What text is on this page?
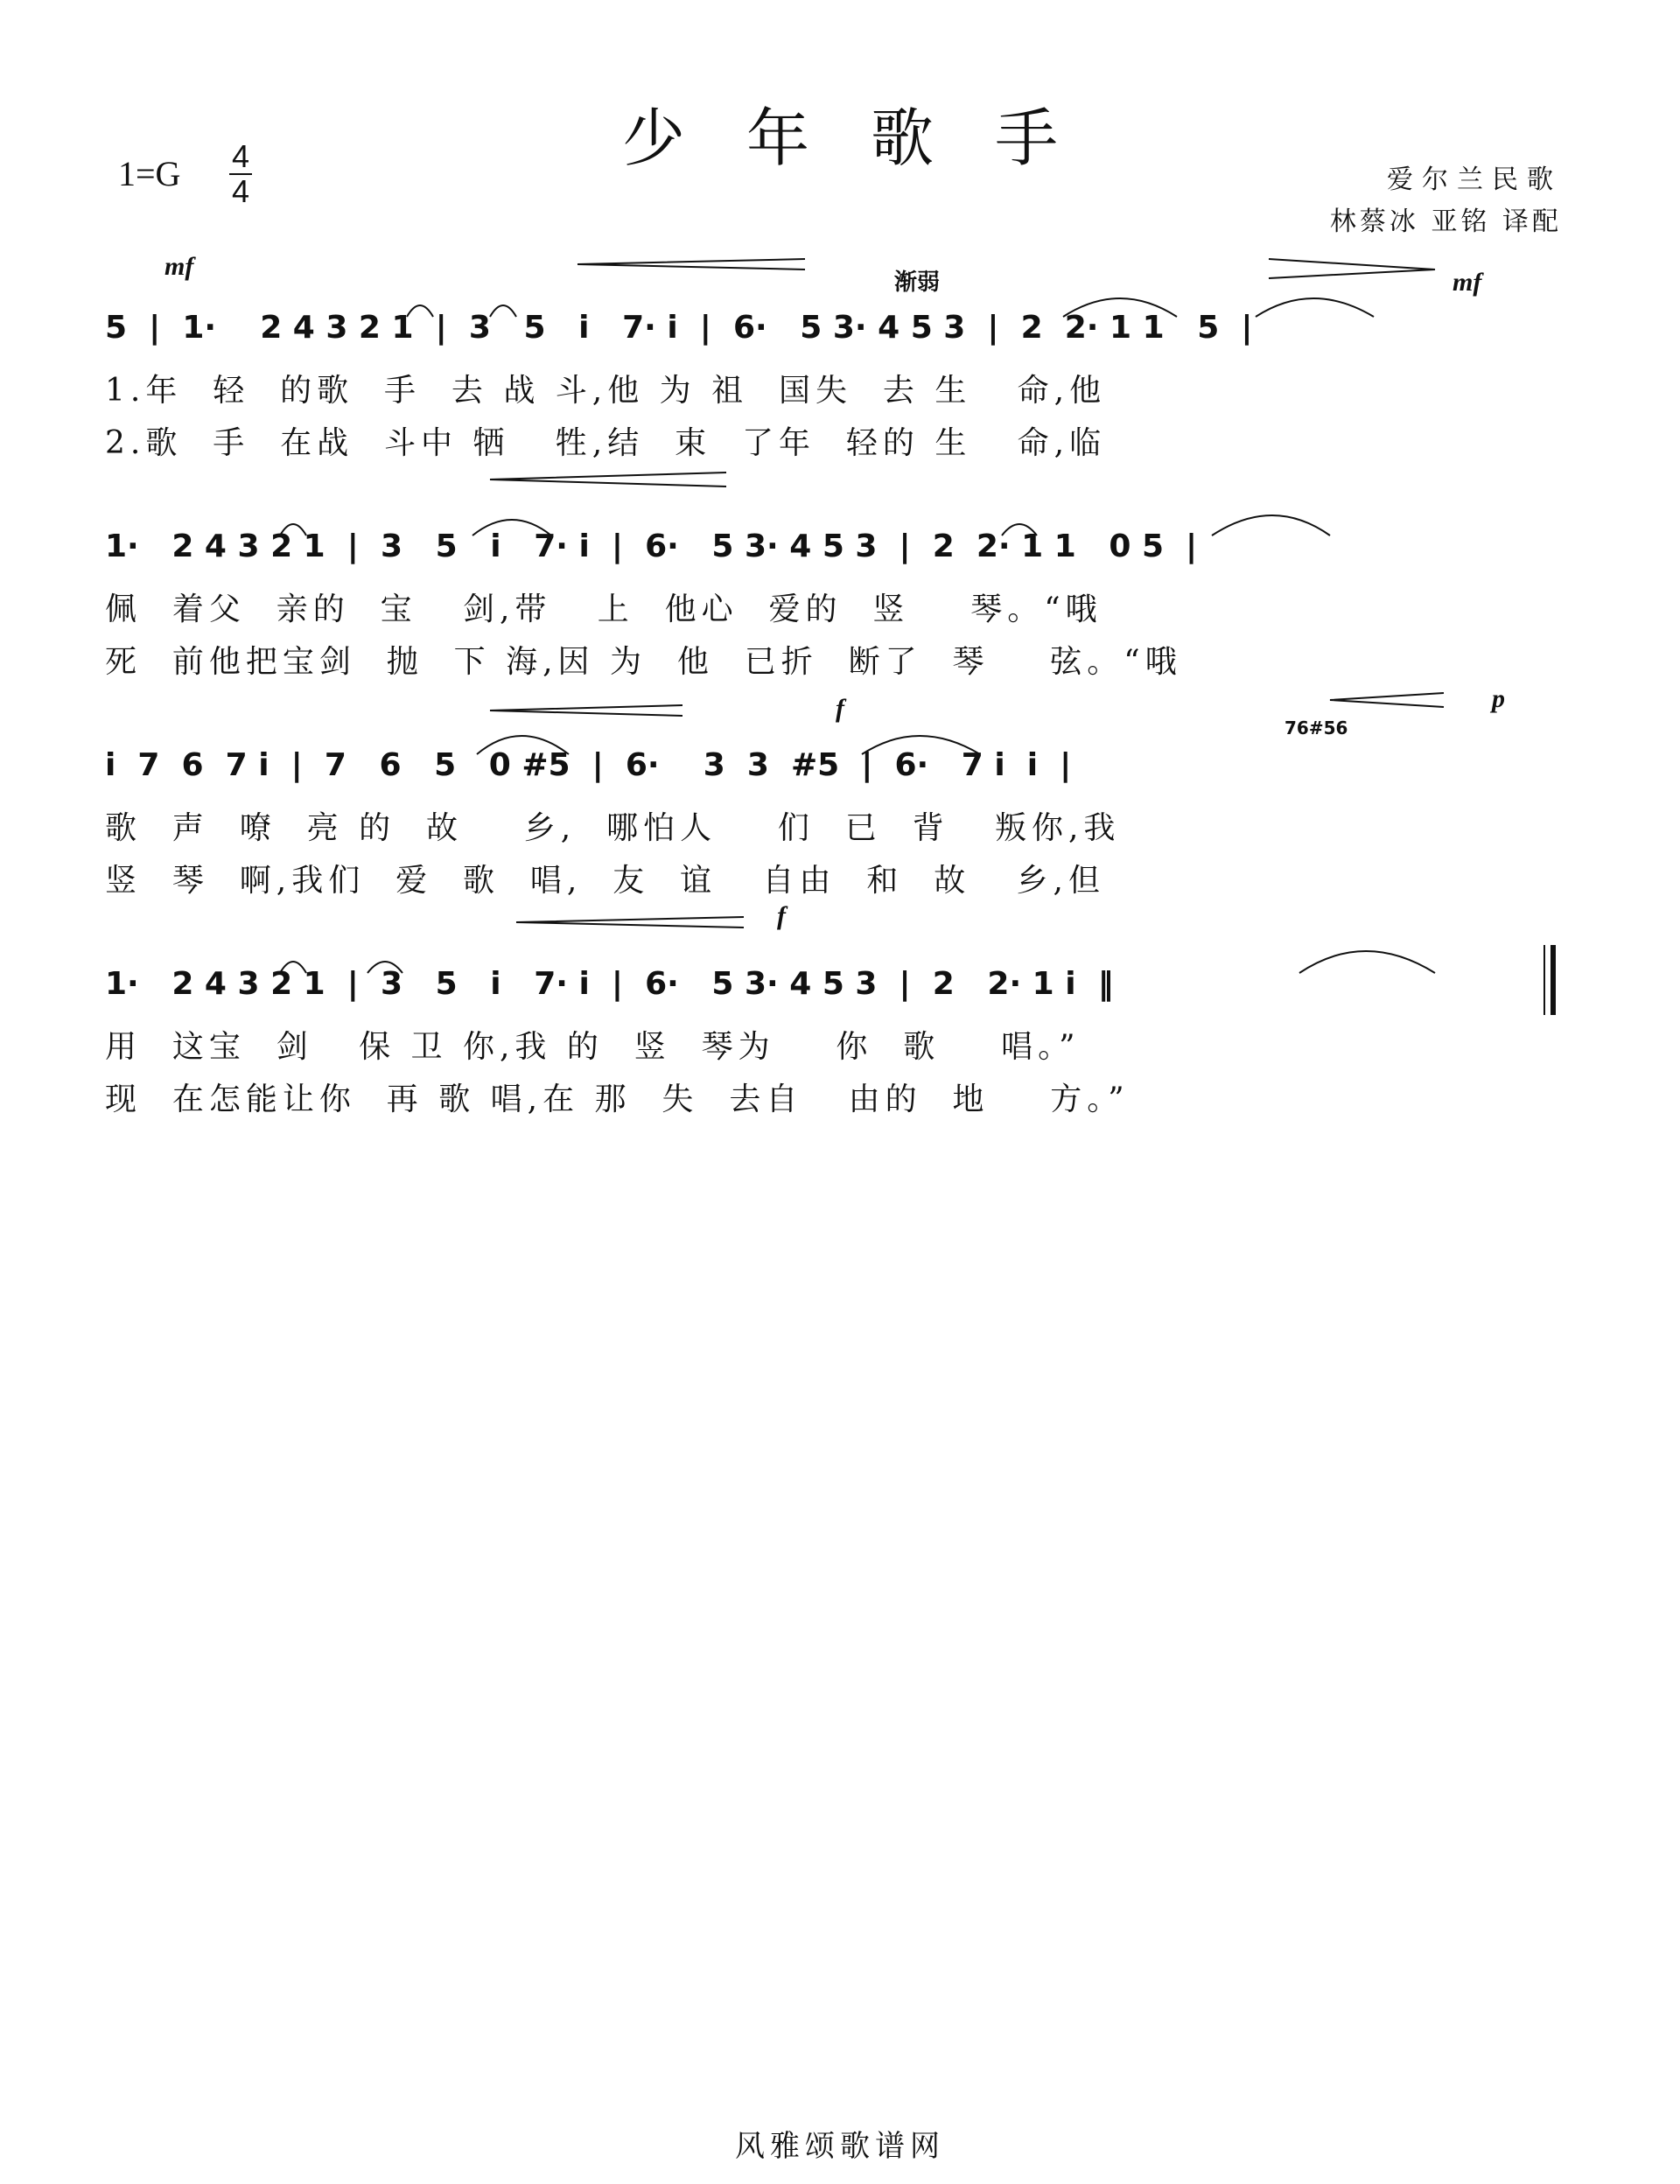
少年歌手
1=G 4
4	爱尔兰民歌
林蔡冰 亚铭 译配
mf
渐弱	mf
f	p
f
76#56
5  |  1·    2 4 3 2 1  |  3   5   i   7· i  |  6·   5 3· 4 5 3  |  2  2· 1 1   5  |
1.年  轻  的歌  手  去 战 斗,他 为 祖  国失  去 生   命,他
2.歌  手  在战  斗中 牺   牲,结  束  了年  轻的 生   命,临
1·   2 4 3 2 1  |  3   5   i   7· i  |  6·   5 3· 4 5 3  |  2  2· 1 1   0 5  |
佩  着父  亲的  宝   剑,带   上  他心  爱的  竖    琴。“哦
死  前他把宝剑  抛  下 海,因 为  他  已折  断了  琴    弦。“哦
i  7  6  7 i  |  7   6   5   0 #5  |  6·    3  3  #5  |  6·   7 i  i  |
歌  声  嘹  亮 的  故    乡,  哪怕人    们  已  背   叛你,我
竖  琴  啊,我们  爱  歌  唱,  友  谊   自由  和  故   乡,但
1·   2 4 3 2 1  |  3   5   i   7· i  |  6·   5 3· 4 5 3  |  2   2· 1 i  ‖
用  这宝  剑   保 卫 你,我 的  竖  琴为    你  歌    唱。”
现  在怎能让你  再 歌 唱,在 那  失  去自   由的  地    方。”
风雅颂歌谱网
